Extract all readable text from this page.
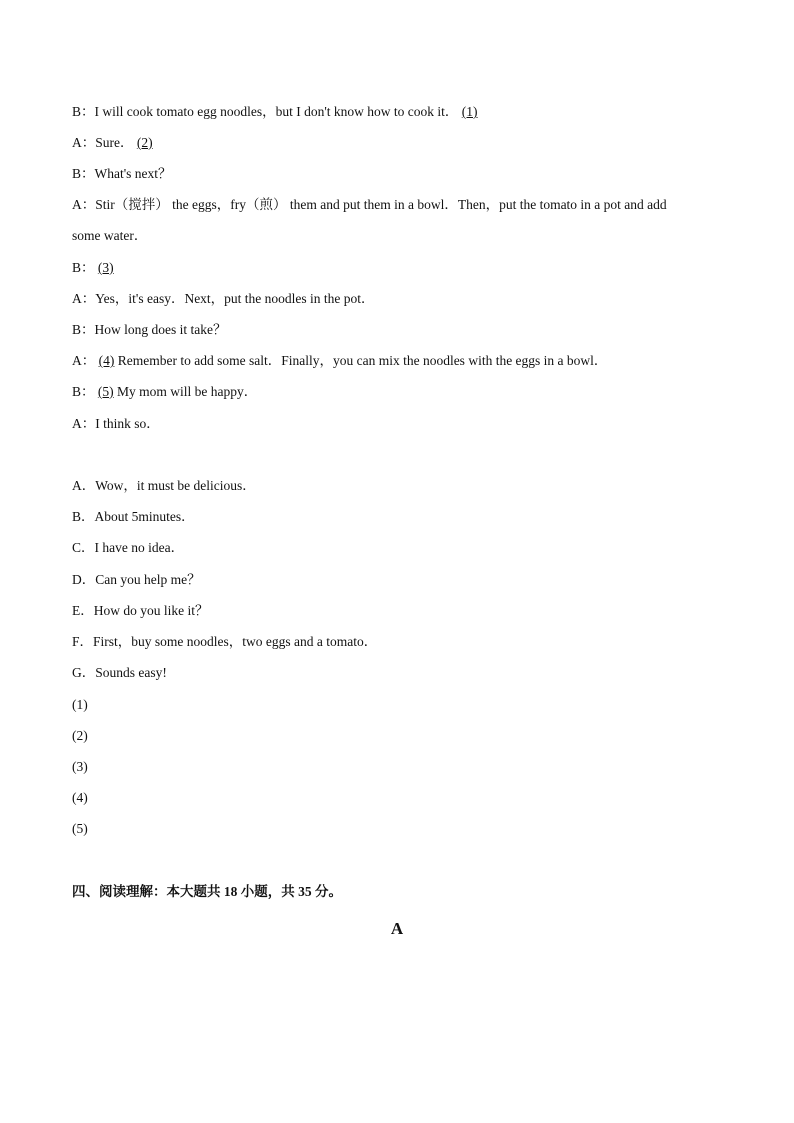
B：I will cook tomato egg noodles，but I don't know how to cook it． (1)
A：Sure． (2)
B：What's next？
A：Stir（搅拌） the eggs，fry（煎） them and put them in a bowl．Then，put the tomato in a pot and add
some water．
B： (3)
A：Yes，it's easy．Next，put the noodles in the pot．
B：How long does it take？
A： (4) Remember to add some salt．Finally，you can mix the noodles with the eggs in a bowl．
B： (5) My mom will be happy．
A：I think so．
A．Wow，it must be delicious．
B．About 5minutes．
C．I have no idea．
D．Can you help me？
E．How do you like it？
F．First，buy some noodles，two eggs and a tomato．
G．Sounds easy!
(1)
(2)
(3)
(4)
(5)
四、阅读理解：本大题共 18 小题，共 35 分。
A
